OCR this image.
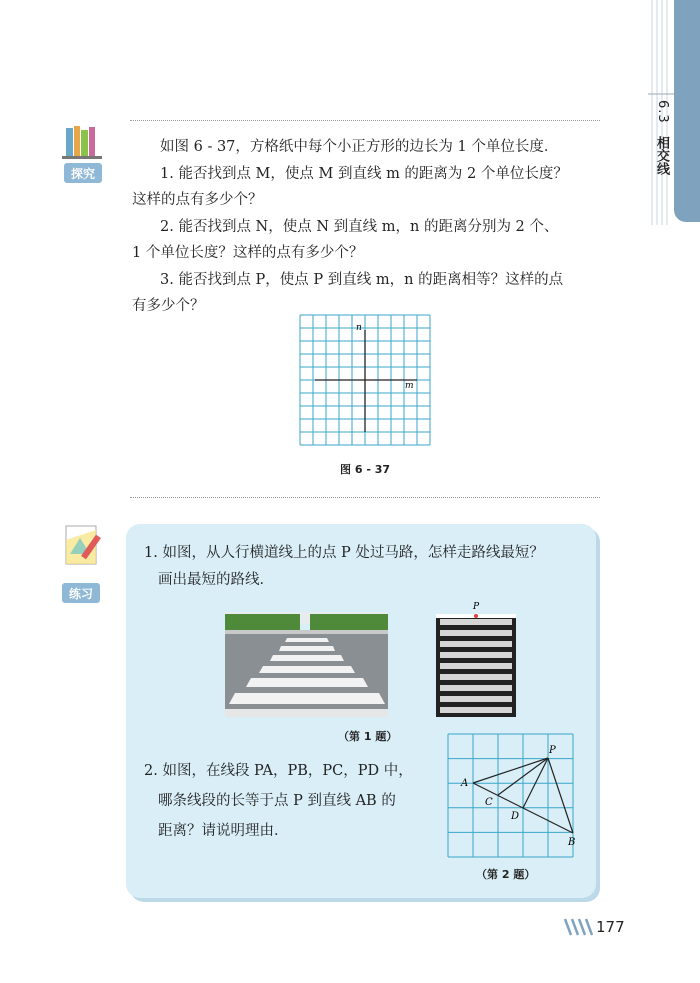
6.3
相交线
探究
如图 6 - 37，方格纸中每个小正方形的边长为 1 个单位长度．
1. 能否找到点 M，使点 M 到直线 m 的距离为 2 个单位长度？
这样的点有多少个？
2. 能否找到点 N，使点 N 到直线 m，n 的距离分别为 2 个、
1 个单位长度？这样的点有多少个？
3. 能否找到点 P，使点 P 到直线 m，n 的距离相等？这样的点
有多少个？
n
m
图 6 - 37
练习
1. 如图，从人行横道线上的点 P 处过马路，怎样走路线最短？
画出最短的路线．
P
（第 1 题）
2. 如图，在线段 PA，PB，PC，PD 中，
哪条线段的长等于点 P 到直线 AB 的
距离？请说明理由．
P
A
C
D
B
（第 2 题）
177
